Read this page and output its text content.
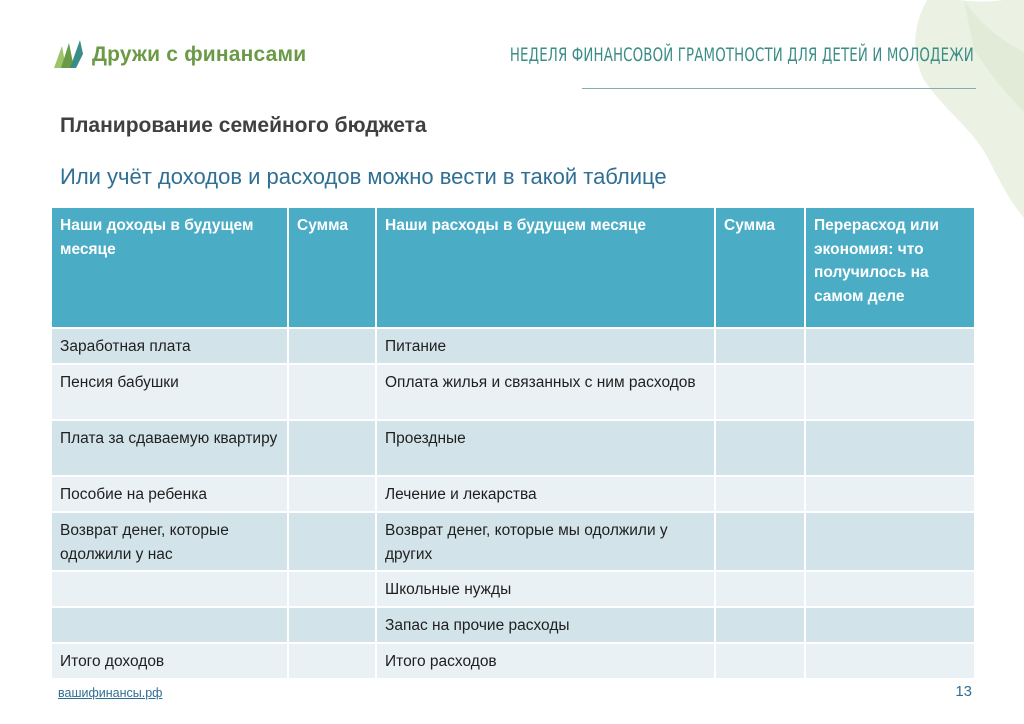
Дружи с финансами	НЕДЕЛЯ ФИНАНСОВОЙ ГРАМОТНОСТИ ДЛЯ ДЕТЕЙ И МОЛОДЕЖИ
Планирование семейного бюджета
Или учёт доходов и расходов можно вести в такой таблице
Наши доходы в будущем месяце	Сумма	Наши расходы в будущем месяце	Сумма	Перерасход или экономия: что получилось на самом деле
Заработная плата		Питание		
Пенсия бабушки		Оплата жилья и связанных с ним расходов		
Плата за сдаваемую квартиру		Проездные		
Пособие на ребенка		Лечение и лекарства		
Возврат денег, которые одолжили у нас		Возврат денег, которые мы одолжили у других		
		Школьные нужды		
		Запас на прочие расходы		
Итого доходов		Итого расходов		
вашифинансы.рф	13
